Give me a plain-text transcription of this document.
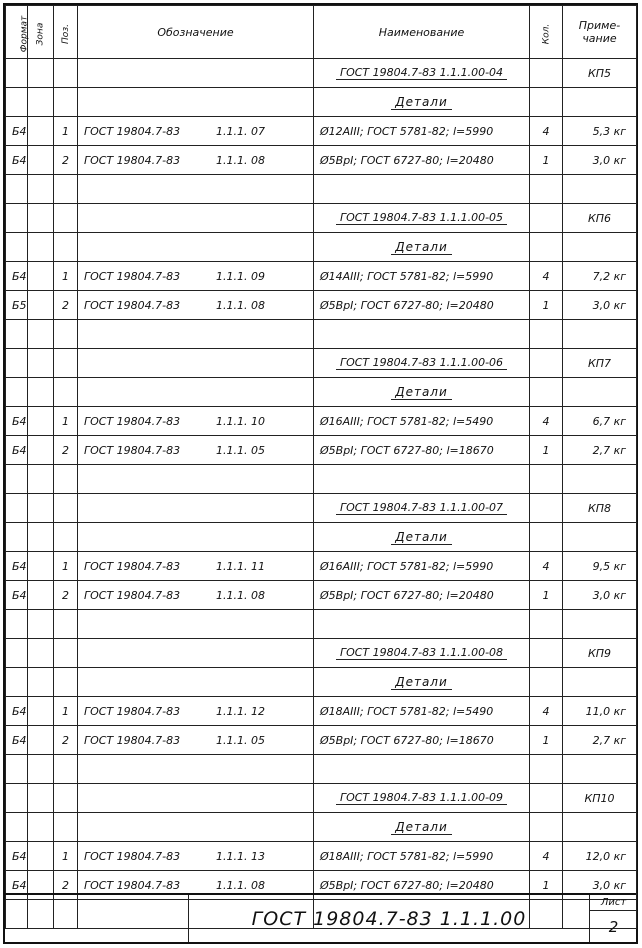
Формат	Зона	Поз.	Обозначение	Наименование	Кол.	Приме-
чание
				ГОСТ 19804.7-83 1.1.1.00-04		КП5
				Детали		
Б4		1	ГОСТ 19804.7-83 1.1.1. 07	Ø12АIII; ГОСТ 5781-82; l=5990	4	5,3 кг
Б4		2	ГОСТ 19804.7-83 1.1.1. 08	Ø5ВрI; ГОСТ 6727-80; l=20480	1	3,0 кг

				ГОСТ 19804.7-83 1.1.1.00-05		КП6
				Детали		
Б4		1	ГОСТ 19804.7-83 1.1.1. 09	Ø14АIII; ГОСТ 5781-82; l=5990	4	7,2 кг
Б5		2	ГОСТ 19804.7-83 1.1.1. 08	Ø5ВрI; ГОСТ 6727-80; l=20480	1	3,0 кг

				ГОСТ 19804.7-83 1.1.1.00-06		КП7
				Детали		
Б4		1	ГОСТ 19804.7-83 1.1.1. 10	Ø16АIII; ГОСТ 5781-82; l=5490	4	6,7 кг
Б4		2	ГОСТ 19804.7-83 1.1.1. 05	Ø5ВрI; ГОСТ 6727-80; l=18670	1	2,7 кг

				ГОСТ 19804.7-83 1.1.1.00-07		КП8
				Детали		
Б4		1	ГОСТ 19804.7-83 1.1.1. 11	Ø16АIII; ГОСТ 5781-82; l=5990	4	9,5 кг
Б4		2	ГОСТ 19804.7-83 1.1.1. 08	Ø5ВрI; ГОСТ 6727-80; l=20480	1	3,0 кг

				ГОСТ 19804.7-83 1.1.1.00-08		КП9
				Детали		
Б4		1	ГОСТ 19804.7-83 1.1.1. 12	Ø18АIII; ГОСТ 5781-82; l=5490	4	11,0 кг
Б4		2	ГОСТ 19804.7-83 1.1.1. 05	Ø5ВрI; ГОСТ 6727-80; l=18670	1	2,7 кг

				ГОСТ 19804.7-83 1.1.1.00-09		КП10
				Детали		
Б4		1	ГОСТ 19804.7-83 1.1.1. 13	Ø18АIII; ГОСТ 5781-82; l=5990	4	12,0 кг
Б4		2	ГОСТ 19804.7-83 1.1.1. 08	Ø5ВрI; ГОСТ 6727-80; l=20480	1	3,0 кг

ГОСТ 19804.7-83 1.1.1.00
Лист
2
